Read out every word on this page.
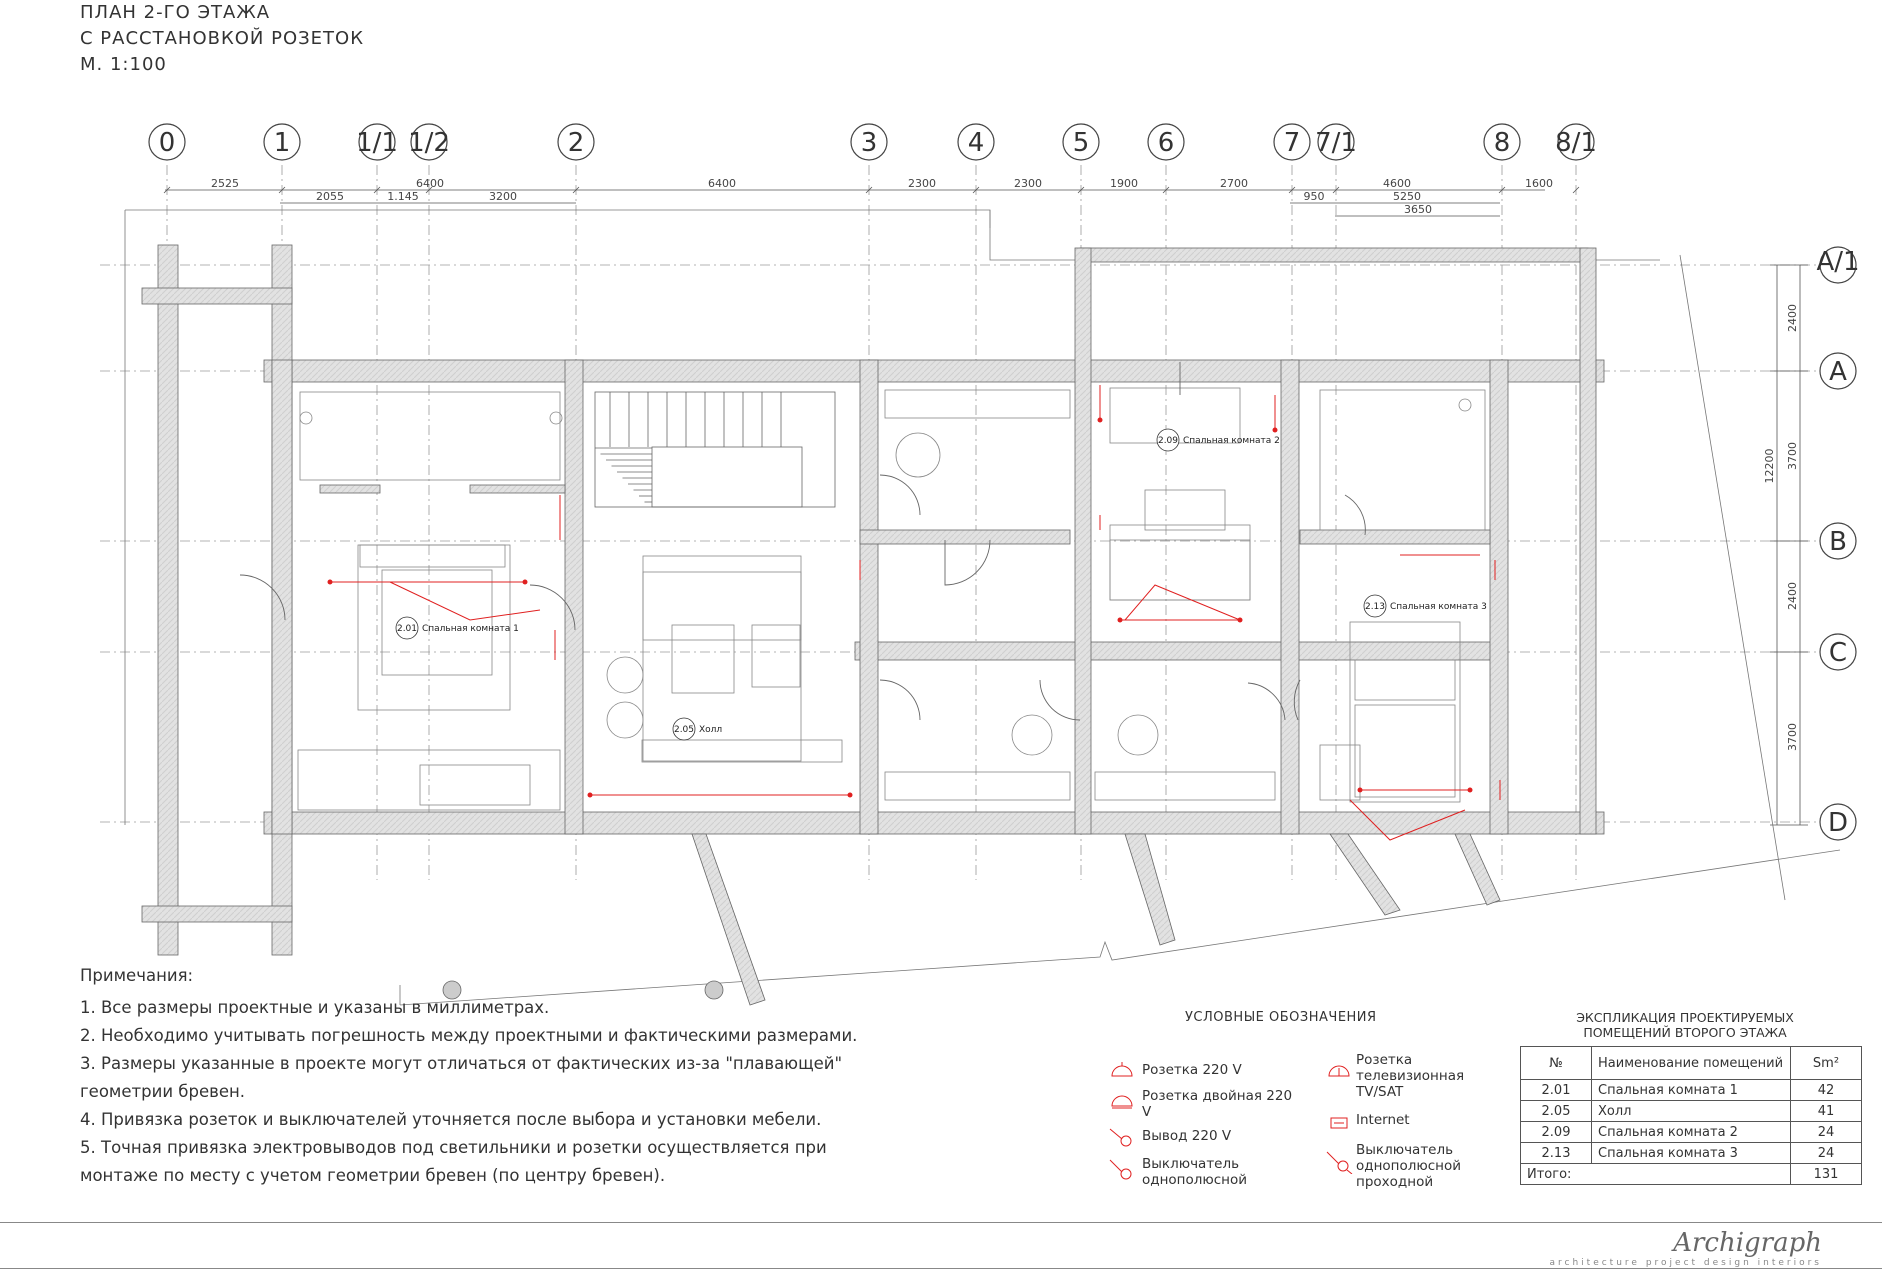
ПЛАН 2-ГО ЭТАЖА
С РАССТАНОВКОЙ РОЗЕТОК
М. 1:100
0	1	1/1 1/2	2	3	4	5	6	7 7/1	8 8/1
A/1
A
B
C
D
2525	6400	6400	2300	2300	1900	2700	4600	1600
2055	1.145	3200	950	5250
3650
2400
3700
12200
2400
3700
2.01 Спальная комната 1
2.05 Холл
2.09 Спальная комната 2
2.13 Спальная комната 3
Примечания:
1. Все размеры проектные и указаны в миллиметрах.
2. Необходимо учитывать погрешность между проектными и фактическими размерами.
3. Размеры указанные в проекте могут отличаться от фактических из-за "плавающей"
геометрии бревен.
4. Привязка розеток и выключателей уточняется после выбора и установки мебели.
5. Точная привязка электровыводов под светильники и розетки осуществляется при
монтаже по месту с учетом геометрии бревен (по центру бревен).
УСЛОВНЫЕ ОБОЗНАЧЕНИЯ
Розетка 220 V
Розетка двойная 220 V
Вывод 220 V
Выключатель однополюсной
Розетка телевизионная TV/SAT
Internet
Выключатель однополюсной проходной
ЭКСПЛИКАЦИЯ ПРОЕКТИРУЕМЫХ
ПОМЕЩЕНИЙ ВТОРОГО ЭТАЖА
№	Наименование помещений	Sm²
2.01	Спальная комната 1	42
2.05	Холл	41
2.09	Спальная комната 2	24
2.13	Спальная комната 3	24
Итого:		131
Archigraph
architecture project design interiors
